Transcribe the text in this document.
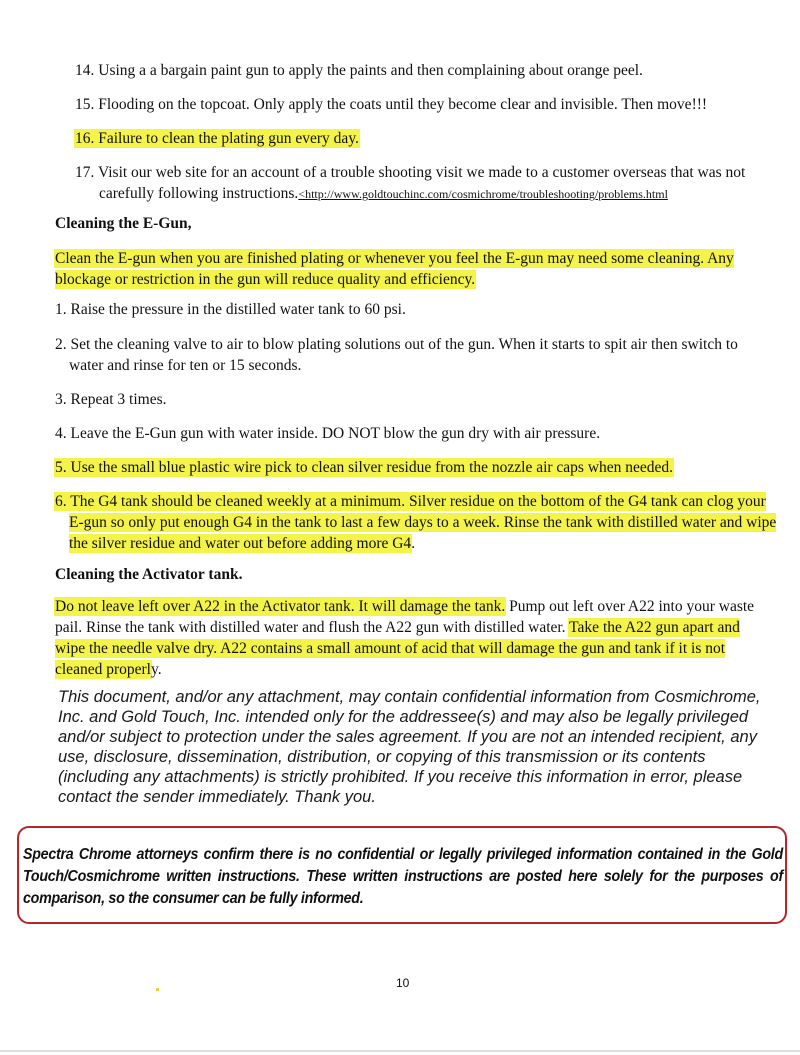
14. Using a a bargain paint gun to apply the paints and then complaining about orange peel.

15. Flooding on the topcoat. Only apply the coats until they become clear and invisible. Then move!!!

16. Failure to clean the plating gun every day.

17. Visit our web site for an account of a trouble shooting visit we made to a customer overseas that was not
carefully following instructions.<http://www.goldtouchinc.com/cosmichrome/troubleshooting/problems.html

Cleaning the E-Gun,

Clean the E-gun when you are finished plating or whenever you feel the E-gun may need some cleaning. Any blockage or restriction in the gun will reduce quality and efficiency.

1. Raise the pressure in the distilled water tank to 60 psi.

2. Set the cleaning valve to air to blow plating solutions out of the gun. When it starts to spit air then switch to water and rinse for ten or 15 seconds.

3. Repeat 3 times.

4. Leave the E-Gun gun with water inside. DO NOT blow the gun dry with air pressure.

5. Use the small blue plastic wire pick to clean silver residue from the nozzle air caps when needed.

6. The G4 tank should be cleaned weekly at a minimum. Silver residue on the bottom of the G4 tank can clog your E-gun so only put enough G4 in the tank to last a few days to a week. Rinse the tank with distilled water and wipe the silver residue and water out before adding more G4.

Cleaning the Activator tank.

Do not leave left over A22 in the Activator tank. It will damage the tank. Pump out left over A22 into your waste pail. Rinse the tank with distilled water and flush the A22 gun with distilled water. Take the A22 gun apart and wipe the needle valve dry. A22 contains a small amount of acid that will damage the gun and tank if it is not cleaned properly.

This document, and/or any attachment, may contain confidential information from Cosmichrome, Inc. and Gold Touch, Inc. intended only for the addressee(s) and may also be legally privileged and/or subject to protection under the sales agreement. If you are not an intended recipient, any use, disclosure, dissemination, distribution, or copying of this transmission or its contents (including any attachments) is strictly prohibited. If you receive this information in error, please contact the sender immediately. Thank you.

Spectra Chrome attorneys confirm there is no confidential or legally privileged information contained in the Gold Touch/Cosmichrome written instructions. These written instructions are posted here solely for the purposes of comparison, so the consumer can be fully informed.

10
